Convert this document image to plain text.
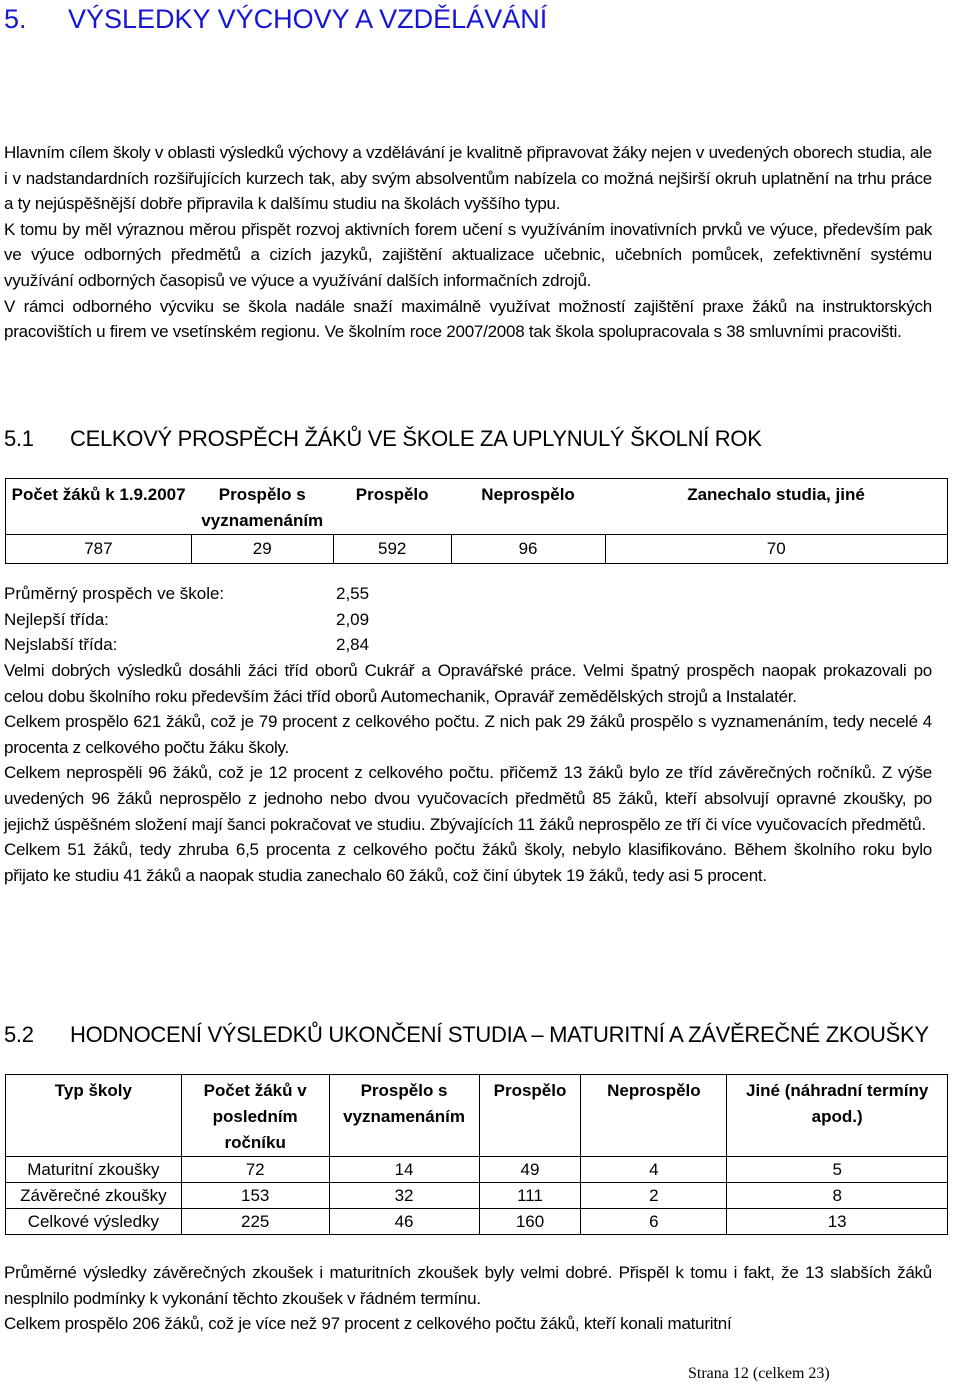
5. VÝSLEDKY VÝCHOVY A VZDĚLÁVÁNÍ

Hlavním cílem školy v oblasti výsledků výchovy a vzdělávání je kvalitně připravovat žáky nejen v uvedených oborech studia, ale i v nadstandardních rozšiřujících kurzech tak, aby svým absolventům nabízela co možná nejširší okruh uplatnění na trhu práce a ty nejúspěšnější dobře připravila k dalšímu studiu na školách vyššího typu.

K tomu by měl výraznou měrou přispět rozvoj aktivních forem učení s využíváním inovativních prvků ve výuce, především pak ve výuce odborných předmětů a cizích jazyků, zajištění aktualizace učebnic, učebních pomůcek, zefektivnění systému využívání odborných časopisů ve výuce a využívání dalších informačních zdrojů.

V rámci odborného výcviku se škola nadále snaží maximálně využívat možností zajištění praxe žáků na instruktorských pracovištích u firem ve vsetínském regionu. Ve školním roce 2007/2008 tak škola spolupracovala s 38 smluvními pracovišti.

5.1 CELKOVÝ PROSPĚCH ŽÁKŮ VE ŠKOLE ZA UPLYNULÝ ŠKOLNÍ ROK
Počet žáků k 1.9.2007	Prospělo s vyznamenáním	Prospělo	Neprospělo	Zanechalo studia, jiné
787	29	592	96	70
Průměrný prospěch ve škole:	2,55
Nejlepší třída:	2,09
Nejslabší třída:	2,84

Velmi dobrých výsledků dosáhli žáci tříd oborů Cukrář a Opravářské práce. Velmi špatný prospěch naopak prokazovali po celou dobu školního roku především žáci tříd oborů Automechanik, Opravář zemědělských strojů a Instalatér.

Celkem prospělo 621 žáků, což je 79 procent z celkového počtu. Z nich pak 29 žáků prospělo s vyznamenáním, tedy necelé 4 procenta z celkového počtu žáku školy.

Celkem neprospěli 96 žáků, což je 12 procent z celkového počtu. přičemž 13 žáků bylo ze tříd závěrečných ročníků. Z výše uvedených 96 žáků neprospělo z jednoho nebo dvou vyučovacích předmětů 85 žáků, kteří absolvují opravné zkoušky, po jejichž úspěšném složení mají šanci pokračovat ve studiu. Zbývajících 11 žáků neprospělo ze tří či více vyučovacích předmětů.

Celkem 51 žáků, tedy zhruba 6,5 procenta z celkového počtu žáků školy, nebylo klasifikováno. Během školního roku bylo přijato ke studiu 41 žáků a naopak studia zanechalo 60 žáků, což činí úbytek 19 žáků, tedy asi 5 procent.

5.2 HODNOCENÍ VÝSLEDKŮ UKONČENÍ STUDIA – MATURITNÍ A ZÁVĚREČNÉ ZKOUŠKY
Typ školy	Počet žáků v posledním ročníku	Prospělo s vyznamenáním	Prospělo	Neprospělo	Jiné (náhradní termíny apod.)
Maturitní zkoušky	72	14	49	4	5
Závěrečné zkoušky	153	32	111	2	8
Celkové výsledky	225	46	160	6	13

Průměrné výsledky závěrečných zkoušek i maturitních zkoušek byly velmi dobré. Přispěl k tomu i fakt, že 13 slabších žáků nesplnilo podmínky k vykonání těchto zkoušek v řádném termínu.

Celkem prospělo 206 žáků, což je více než 97 procent z celkového počtu žáků, kteří konali maturitní

Strana 12 (celkem 23)
